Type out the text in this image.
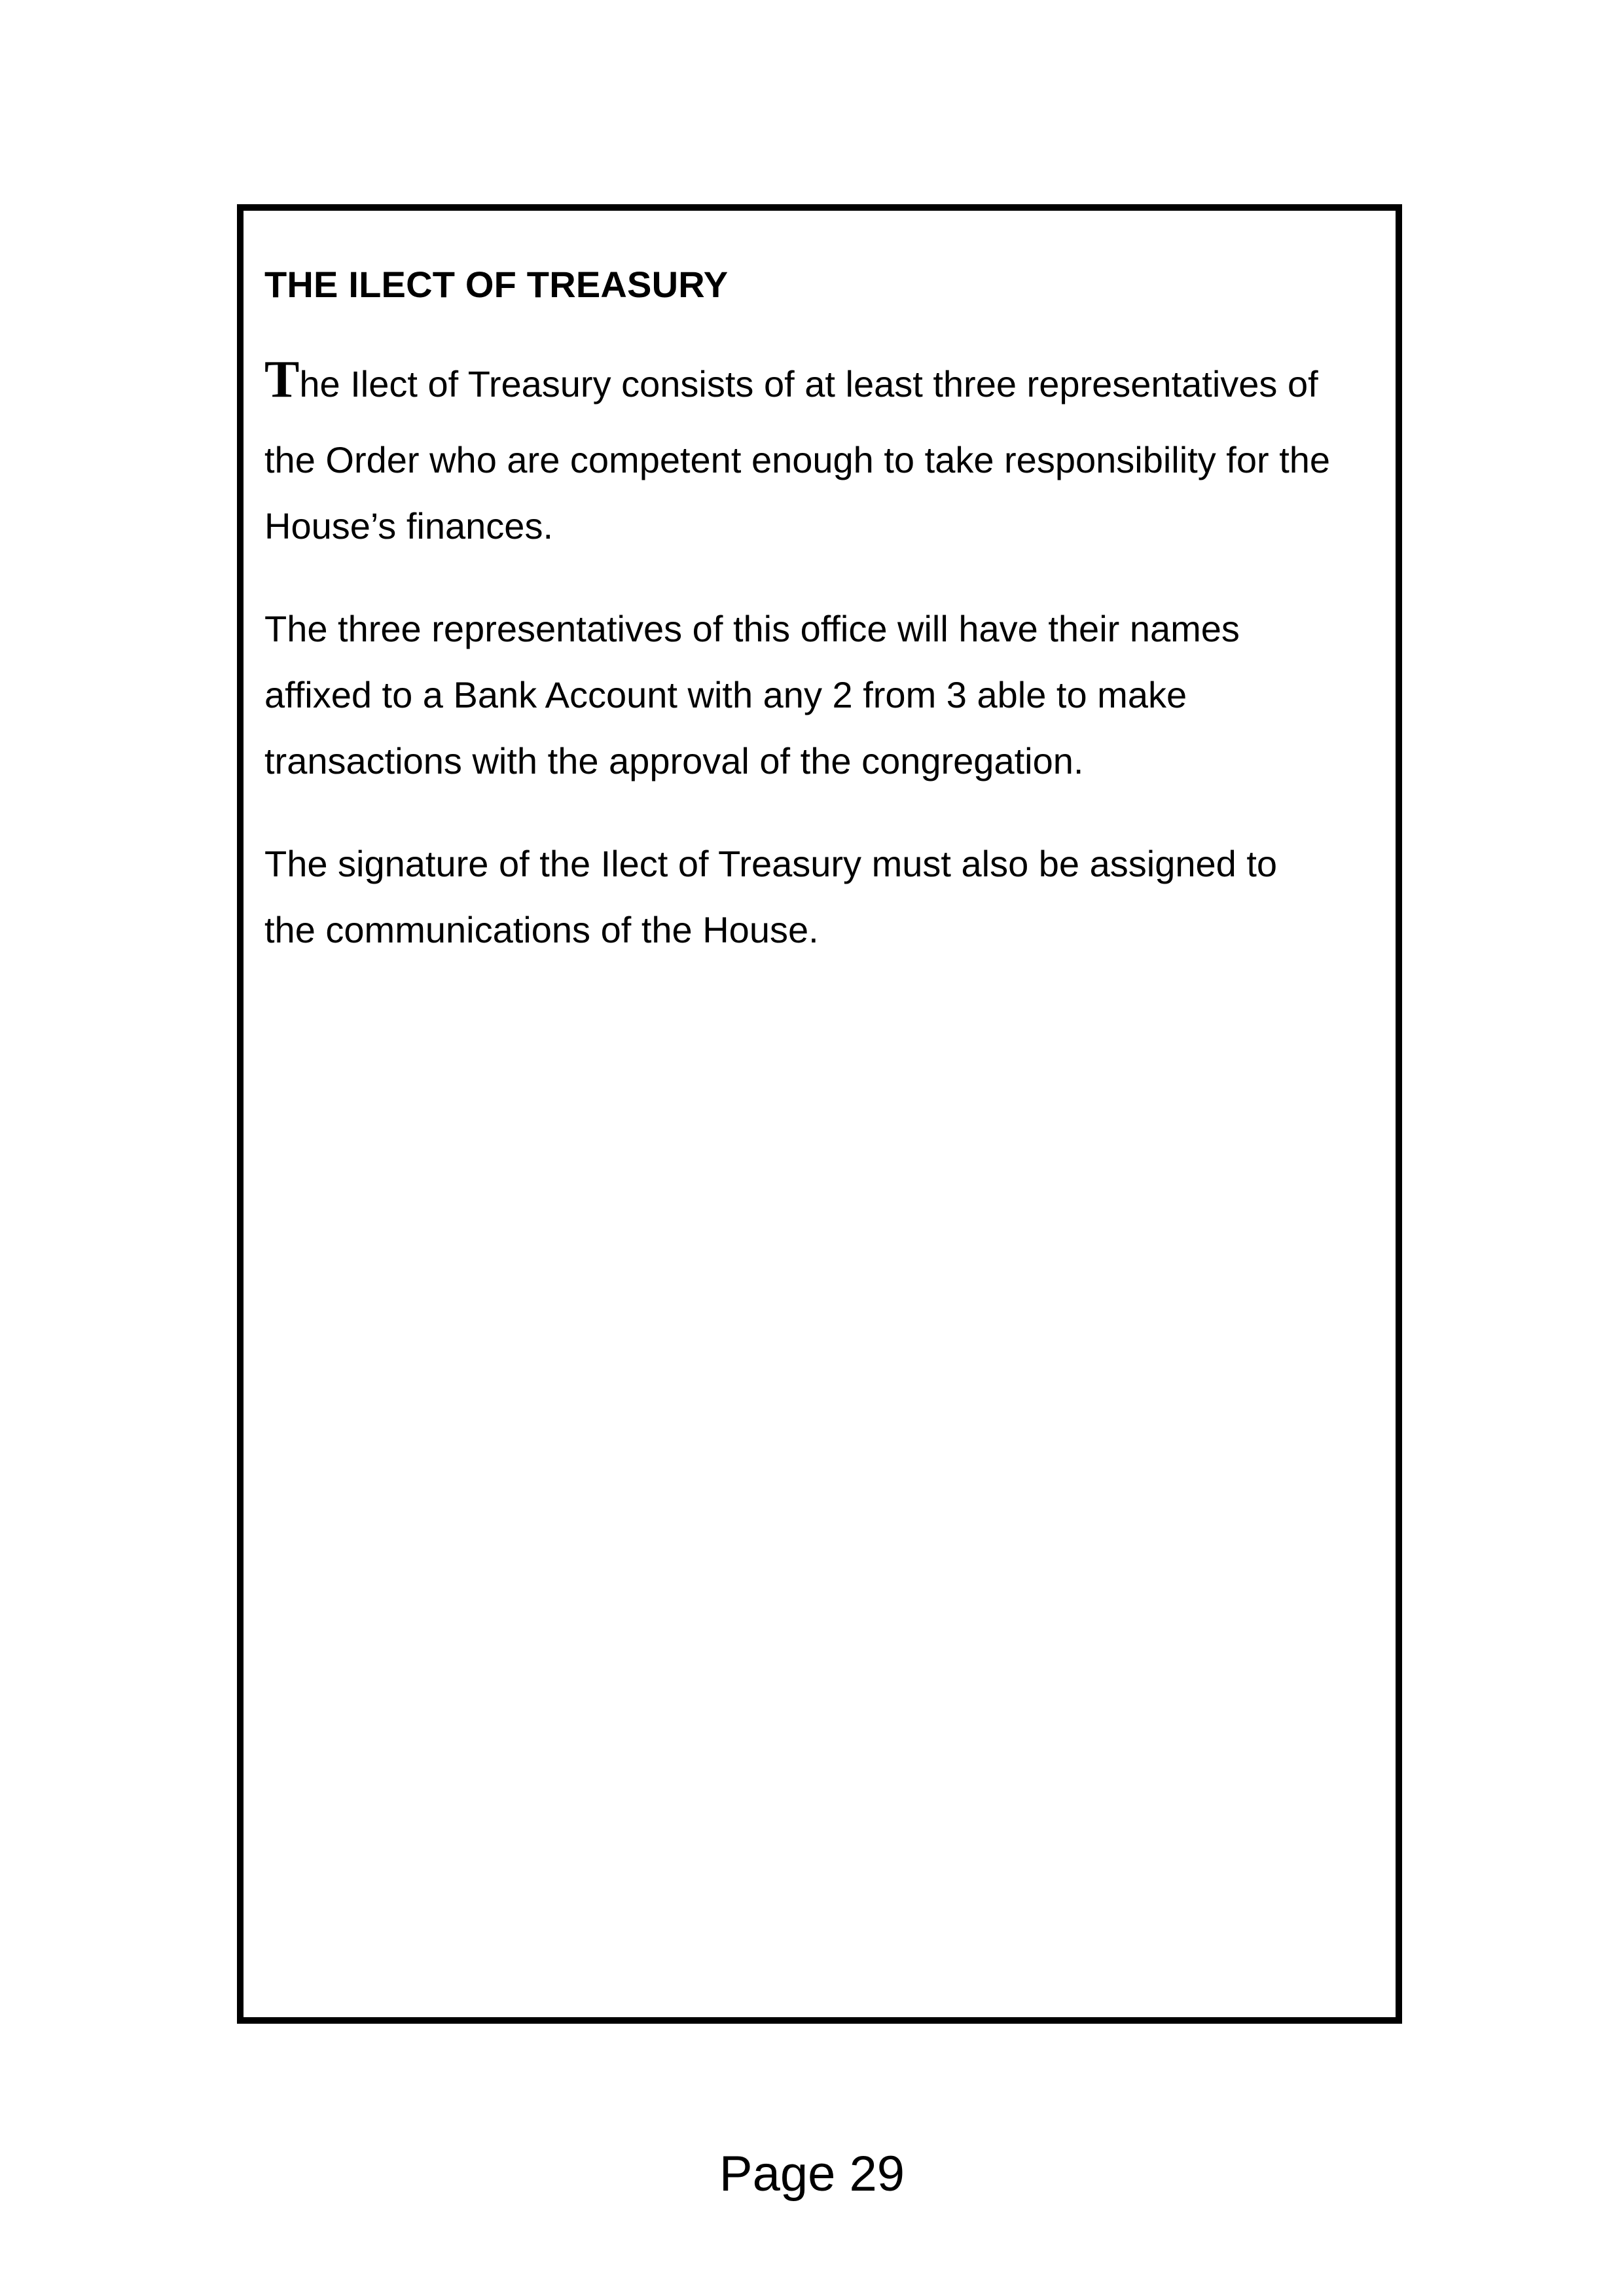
THE ILECT OF TREASURY

The Ilect of Treasury consists of at least three representatives of
the Order who are competent enough to take responsibility for the
House’s finances.

The three representatives of this office will have their names
affixed to a Bank Account with any 2 from 3 able to make
transactions with the approval of the congregation.

The signature of the Ilect of Treasury must also be assigned to
the communications of the House.

Page 29
